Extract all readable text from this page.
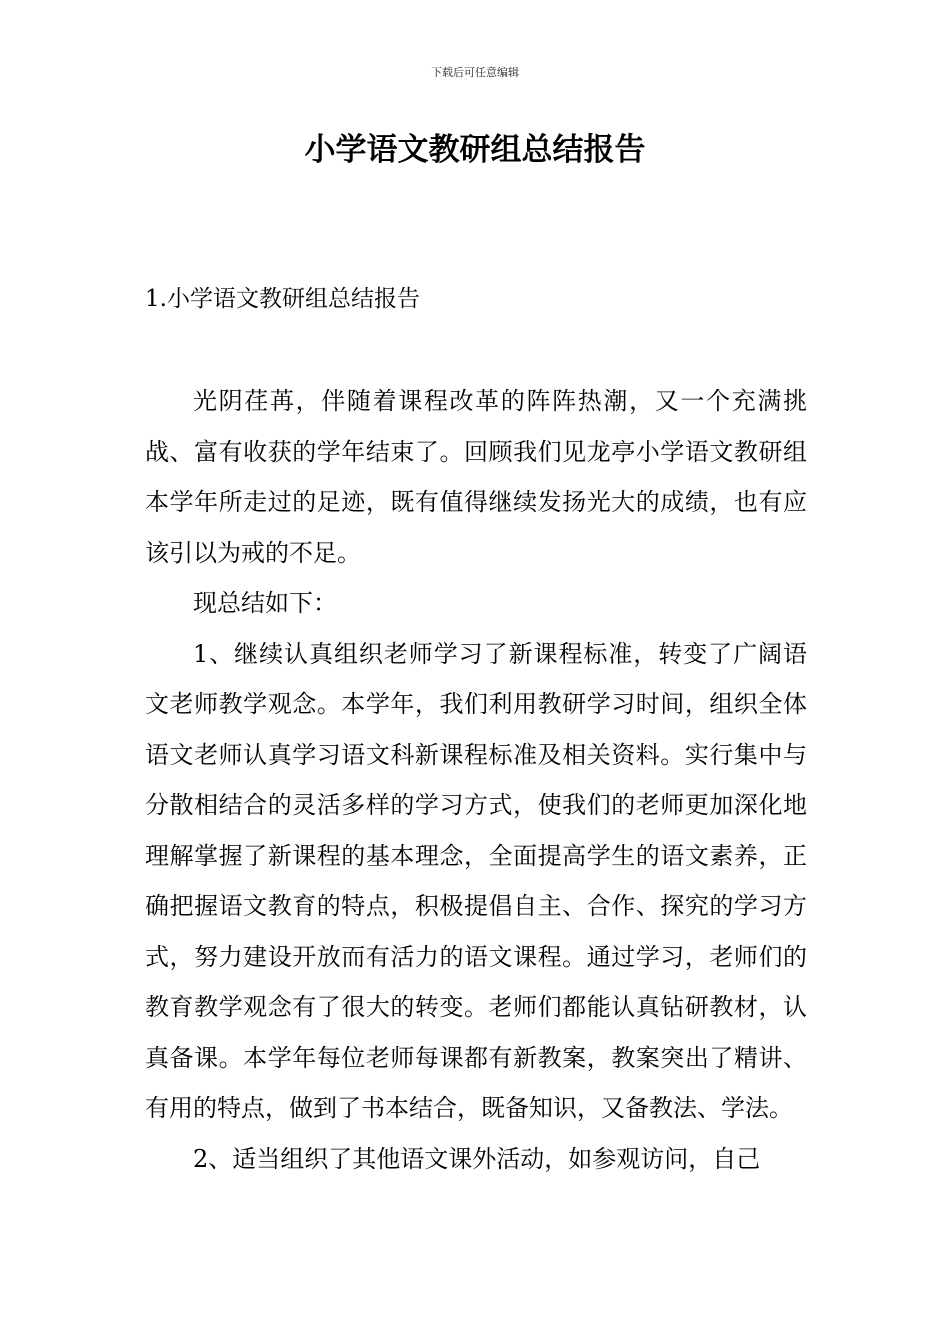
下载后可任意编辑
小学语文教研组总结报告
1.小学语文教研组总结报告

光阴荏苒，伴随着课程改革的阵阵热潮，又一个充满挑战、富有收获的学年结束了。回顾我们见龙亭小学语文教研组本学年所走过的足迹，既有值得继续发扬光大的成绩，也有应该引以为戒的不足。

现总结如下：

1、继续认真组织老师学习了新课程标准，转变了广阔语文老师教学观念。本学年，我们利用教研学习时间，组织全体语文老师认真学习语文科新课程标准及相关资料。实行集中与分散相结合的灵活多样的学习方式，使我们的老师更加深化地理解掌握了新课程的基本理念，全面提高学生的语文素养，正确把握语文教育的特点，积极提倡自主、合作、探究的学习方式，努力建设开放而有活力的语文课程。通过学习，老师们的教育教学观念有了很大的转变。老师们都能认真钻研教材，认真备课。本学年每位老师每课都有新教案，教案突出了精讲、有用的特点，做到了书本结合，既备知识，又备教法、学法。

2、适当组织了其他语文课外活动，如参观访问，自己
